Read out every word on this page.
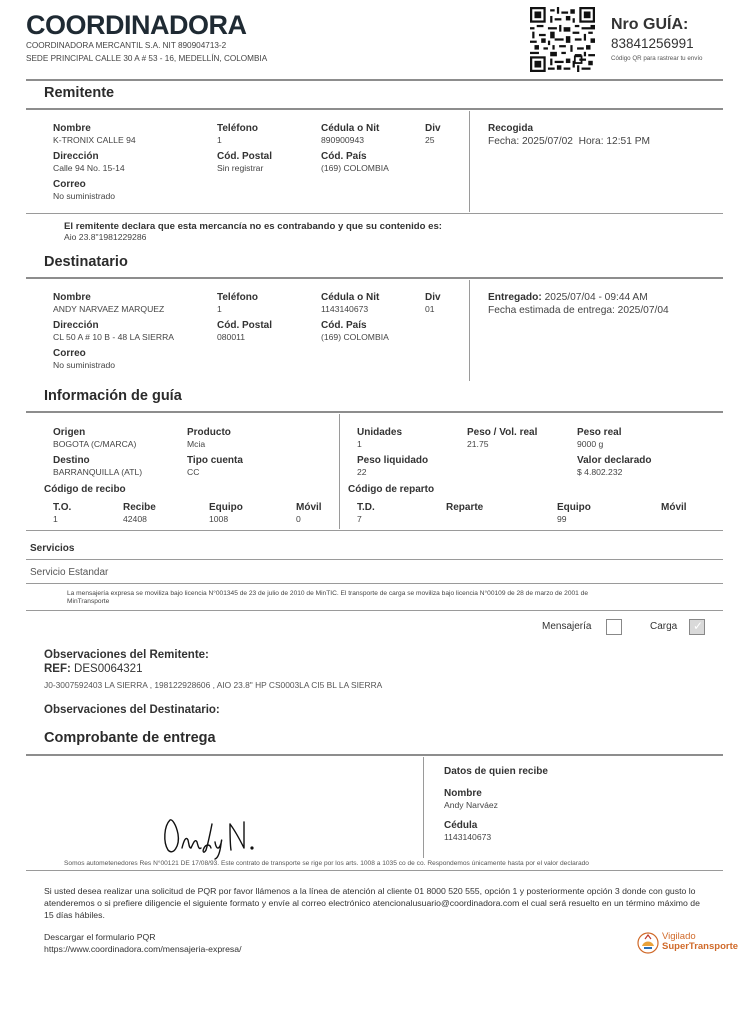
COORDINADORA
COORDINADORA MERCANTIL S.A. NIT 890904713-2
SEDE PRINCIPAL CALLE 30 A # 53 - 16, MEDELLÍN, COLOMBIA
Nro GUÍA:
83841256991
Código QR para rastrear tu envío
Remitente
Nombre
K-TRONIX CALLE 94
Teléfono
1
Cédula o Nit
890900943
Div
25
Dirección
Calle 94 No. 15-14
Cód. Postal
Sin registrar
Cód. País
(169) COLOMBIA
Correo
No suministrado
Recogida
Fecha: 2025/07/02  Hora: 12:51 PM
El remitente declara que esta mercancía no es contrabando y que su contenido es:
Aio 23.8"1981229286
Destinatario
Nombre
ANDY NARVAEZ MARQUEZ
Teléfono
1
Cédula o Nit
1143140673
Div
01
Dirección
CL 50 A # 10 B - 48 LA SIERRA
Cód. Postal
080011
Cód. País
(169) COLOMBIA
Correo
No suministrado
Entregado: 2025/07/04 - 09:44 AM
Fecha estimada de entrega: 2025/07/04
Información de guía
Origen
BOGOTA (C/MARCA)
Producto
Mcia
Destino
BARRANQUILLA (ATL)
Tipo cuenta
CC
Unidades
1
Peso / Vol. real
21.75
Peso real
9000 g
Peso liquidado
22
Valor declarado
$ 4.802.232
Código de recibo
T.O.
1
Recibe
42408
Equipo
1008
Móvil
0
Código de reparto
T.D.
7
Reparte	Equipo
99
Móvil
Servicios
Servicio Estandar
La mensajería expresa se moviliza bajo licencia N°001345 de 23 de julio de 2010 de MinTIC. El transporte de carga se moviliza bajo licencia N°00109 de 28 de marzo de 2001 de
MinTransporte
Mensajería	Carga
✓
Observaciones del Remitente:
REF: DES0064321
J0-3007592403 LA SIERRA , 198122928606 , AIO 23.8" HP CS0003LA CI5 BL LA SIERRA
Observaciones del Destinatario:
Comprobante de entrega
Datos de quien recibe
Nombre
Andy Narváez
Cédula
1143140673
Somos autometenedores Res N°00121 DE 17/08/93. Este contrato de transporte se rige por los arts. 1008 a 1035 co de co. Respondemos únicamente hasta por el valor declarado
Si usted desea realizar una solicitud de PQR por favor llámenos a la línea de atención al cliente 01 8000 520 555, opción 1 y posteriormente opción 3 donde con gusto lo
atenderemos o si prefiere diligencie el siguiente formato y envíe al correo electrónico atencionalusuario@coordinadora.com el cual será resuelto en un término máximo de
15 días hábiles.
Descargar el formulario PQR
https://www.coordinadora.com/mensajeria-expresa/
Vigilado
SuperTransporte
